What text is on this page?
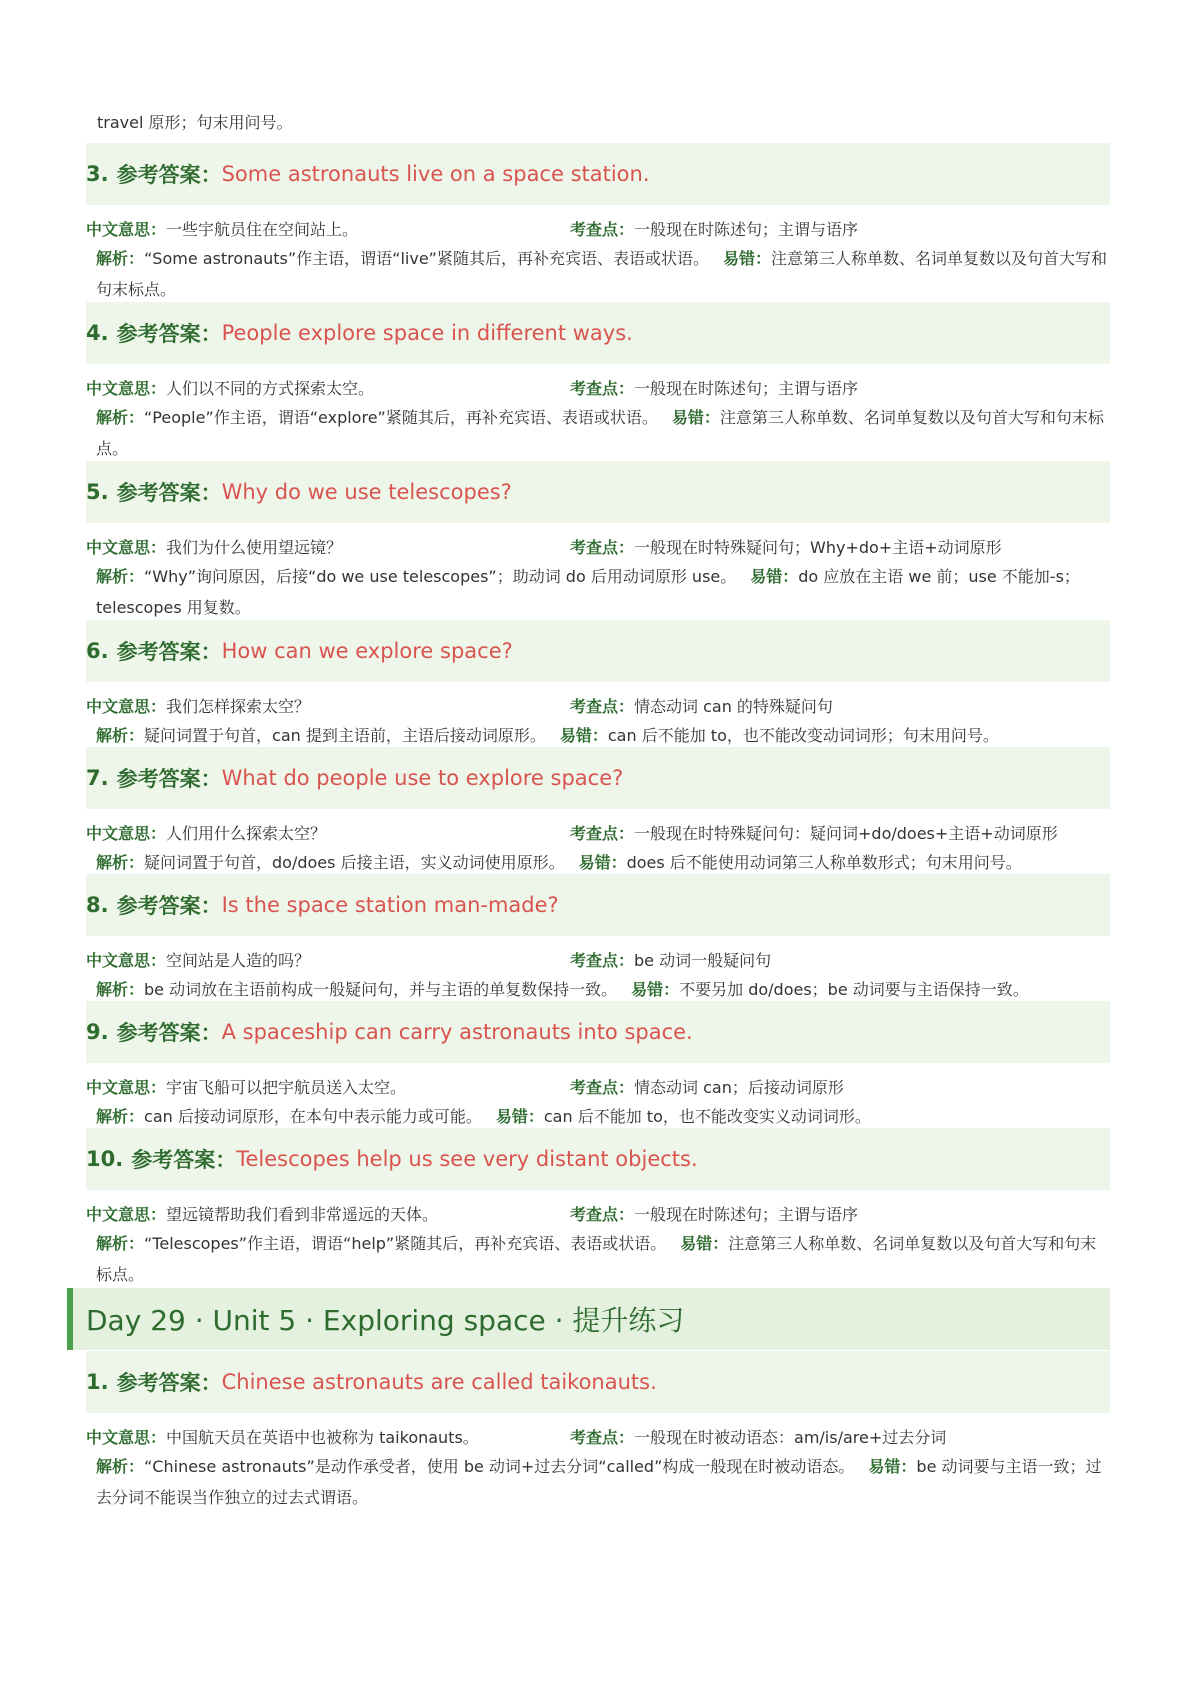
travel 原形；句末用问号。

3. 参考答案： Some astronauts live on a space station.
中文意思：一些宇航员住在空间站上。	考查点：一般现在时陈述句；主谓与语序

解析：“Some astronauts”作主语，谓语“live”紧随其后，再补充宾语、表语或状语。 易错：注意第三人称单数、名词单复数以及句首大写和句末标点。

4. 参考答案： People explore space in different ways.
中文意思：人们以不同的方式探索太空。	考查点：一般现在时陈述句；主谓与语序

解析：“People”作主语，谓语“explore”紧随其后，再补充宾语、表语或状语。 易错：注意第三人称单数、名词单复数以及句首大写和句末标点。

5. 参考答案： Why do we use telescopes?
中文意思：我们为什么使用望远镜？	考查点：一般现在时特殊疑问句；Why+do+主语+动词原形

解析：“Why”询问原因，后接“do we use telescopes”；助动词 do 后用动词原形 use。 易错：do 应放在主语 we 前；use 不能加-s；telescopes 用复数。

6. 参考答案： How can we explore space?
中文意思：我们怎样探索太空？	考查点：情态动词 can 的特殊疑问句

解析：疑问词置于句首，can 提到主语前，主语后接动词原形。 易错：can 后不能加 to，也不能改变动词词形；句末用问号。

7. 参考答案： What do people use to explore space?
中文意思：人们用什么探索太空？	考查点：一般现在时特殊疑问句：疑问词+do/does+主语+动词原形

解析：疑问词置于句首，do/does 后接主语，实义动词使用原形。 易错：does 后不能使用动词第三人称单数形式；句末用问号。

8. 参考答案： Is the space station man-made?
中文意思：空间站是人造的吗？	考查点：be 动词一般疑问句

解析：be 动词放在主语前构成一般疑问句，并与主语的单复数保持一致。 易错：不要另加 do/does；be 动词要与主语保持一致。

9. 参考答案： A spaceship can carry astronauts into space.
中文意思：宇宙飞船可以把宇航员送入太空。	考查点：情态动词 can；后接动词原形

解析：can 后接动词原形，在本句中表示能力或可能。 易错：can 后不能加 to，也不能改变实义动词词形。

10. 参考答案： Telescopes help us see very distant objects.
中文意思：望远镜帮助我们看到非常遥远的天体。	考查点：一般现在时陈述句；主谓与语序

解析：“Telescopes”作主语，谓语“help”紧随其后，再补充宾语、表语或状语。 易错：注意第三人称单数、名词单复数以及句首大写和句末标点。

Day 29 · Unit 5 · Exploring space · 提升练习
1. 参考答案： Chinese astronauts are called taikonauts.
中文意思：中国航天员在英语中也被称为 taikonauts。	考查点：一般现在时被动语态：am/is/are+过去分词

解析：“Chinese astronauts”是动作承受者，使用 be 动词+过去分词“called”构成一般现在时被动语态。 易错：be 动词要与主语一致；过去分词不能误当作独立的过去式谓语。
